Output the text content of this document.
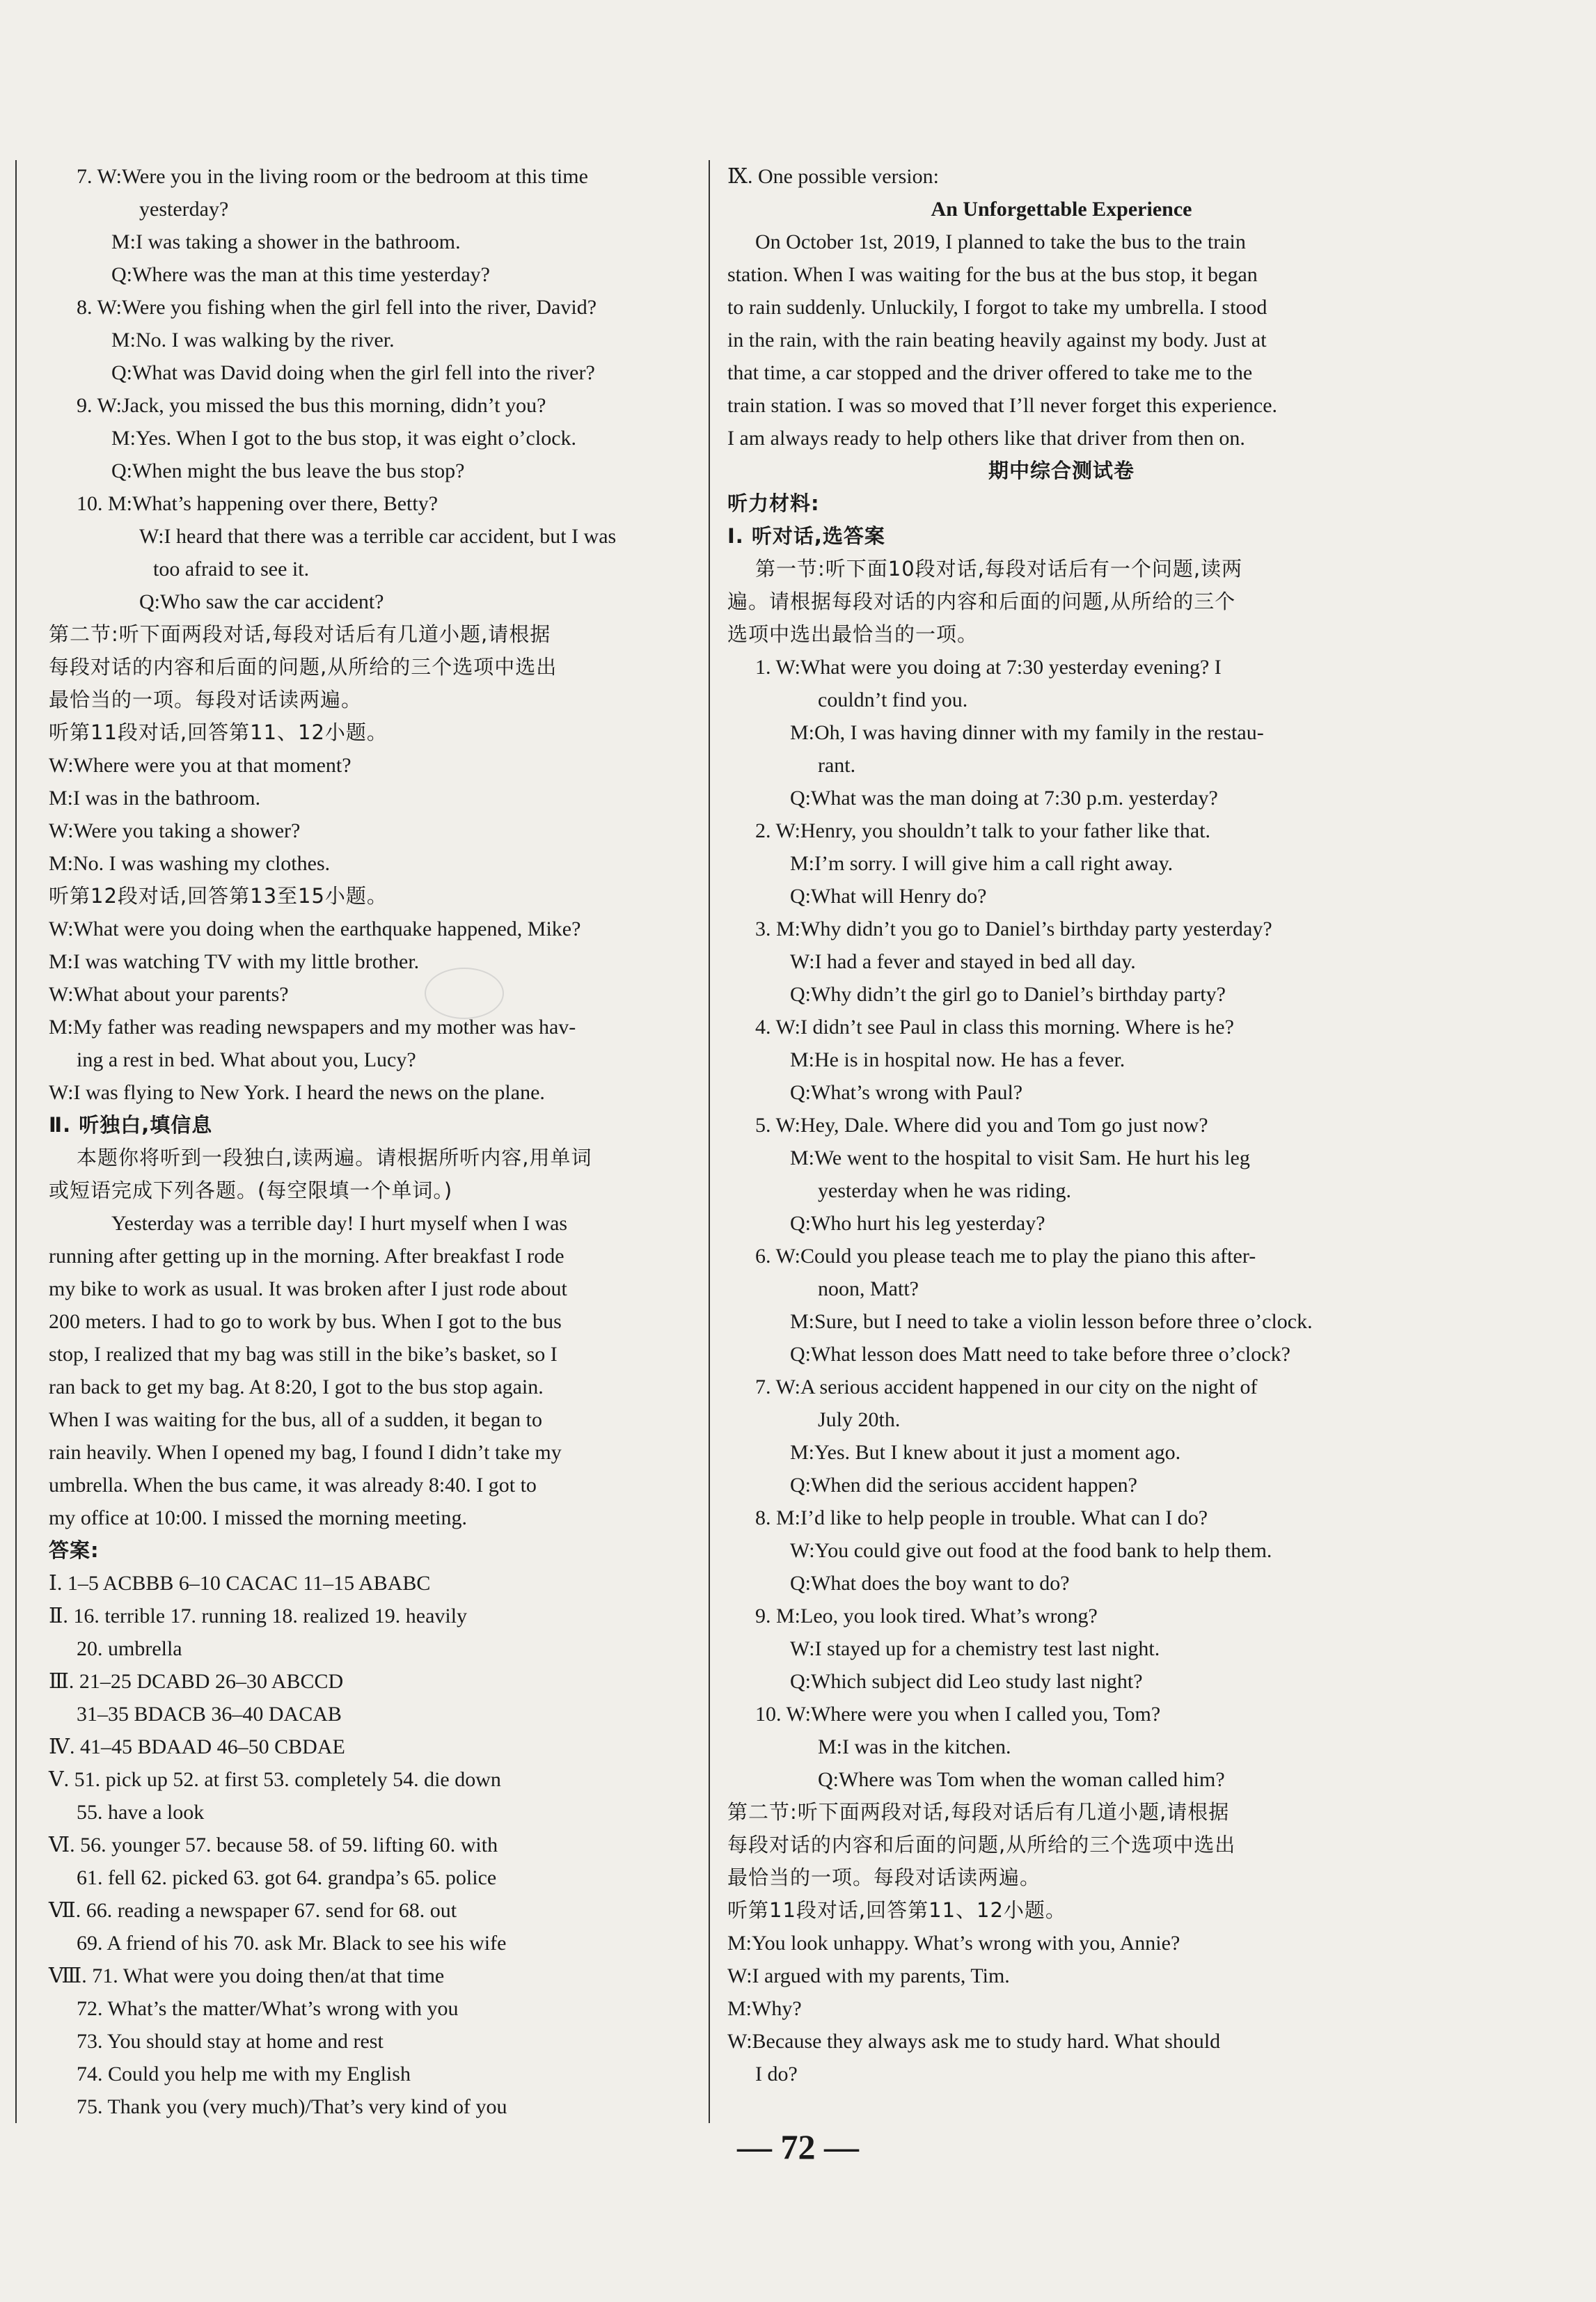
7. W:Were you in the living room or the bedroom at this time
yesterday?
M:I was taking a shower in the bathroom.
Q:Where was the man at this time yesterday?
8. W:Were you fishing when the girl fell into the river, David?
M:No. I was walking by the river.
Q:What was David doing when the girl fell into the river?
9. W:Jack, you missed the bus this morning, didn’t you?
M:Yes. When I got to the bus stop, it was eight o’clock.
Q:When might the bus leave the bus stop?
10. M:What’s happening over there, Betty?
W:I heard that there was a terrible car accident, but I was
too afraid to see it.
Q:Who saw the car accident?
第二节:听下面两段对话,每段对话后有几道小题,请根据
每段对话的内容和后面的问题,从所给的三个选项中选出
最恰当的一项。每段对话读两遍。
听第11段对话,回答第11、12小题。
W:Where were you at that moment?
M:I was in the bathroom.
W:Were you taking a shower?
M:No. I was washing my clothes.
听第12段对话,回答第13至15小题。
W:What were you doing when the earthquake happened, Mike?
M:I was watching TV with my little brother.
W:What about your parents?
M:My father was reading newspapers and my mother was hav-
ing a rest in bed. What about you, Lucy?
W:I was flying to New York. I heard the news on the plane.
Ⅱ. 听独白,填信息
本题你将听到一段独白,读两遍。请根据所听内容,用单词
或短语完成下列各题。(每空限填一个单词。)
Yesterday was a terrible day! I hurt myself when I was
running after getting up in the morning. After breakfast I rode
my bike to work as usual. It was broken after I just rode about
200 meters. I had to go to work by bus. When I got to the bus
stop, I realized that my bag was still in the bike’s basket, so I
ran back to get my bag. At 8:20, I got to the bus stop again.
When I was waiting for the bus, all of a sudden, it began to
rain heavily. When I opened my bag, I found I didn’t take my
umbrella. When the bus came, it was already 8:40. I got to
my office at 10:00. I missed the morning meeting.
答案:
Ⅰ. 1–5 ACBBB 6–10 CACAC 11–15 ABABC
Ⅱ. 16. terrible 17. running 18. realized 19. heavily
20. umbrella
Ⅲ. 21–25 DCABD 26–30 ABCCD
31–35 BDACB 36–40 DACAB
Ⅳ. 41–45 BDAAD 46–50 CBDAE
Ⅴ. 51. pick up 52. at first 53. completely 54. die down
55. have a look
Ⅵ. 56. younger 57. because 58. of 59. lifting 60. with
61. fell 62. picked 63. got 64. grandpa’s 65. police
Ⅶ. 66. reading a newspaper 67. send for 68. out
69. A friend of his 70. ask Mr. Black to see his wife
Ⅷ. 71. What were you doing then/at that time
72. What’s the matter/What’s wrong with you
73. You should stay at home and rest
74. Could you help me with my English
75. Thank you (very much)/That’s very kind of you
Ⅸ. One possible version:
An Unforgettable Experience
On October 1st, 2019, I planned to take the bus to the train
station. When I was waiting for the bus at the bus stop, it began
to rain suddenly. Unluckily, I forgot to take my umbrella. I stood
in the rain, with the rain beating heavily against my body. Just at
that time, a car stopped and the driver offered to take me to the
train station. I was so moved that I’ll never forget this experience.
I am always ready to help others like that driver from then on.
期中综合测试卷
听力材料:
Ⅰ. 听对话,选答案
第一节:听下面10段对话,每段对话后有一个问题,读两
遍。请根据每段对话的内容和后面的问题,从所给的三个
选项中选出最恰当的一项。
1. W:What were you doing at 7:30 yesterday evening? I
couldn’t find you.
M:Oh, I was having dinner with my family in the restau-
rant.
Q:What was the man doing at 7:30 p.m. yesterday?
2. W:Henry, you shouldn’t talk to your father like that.
M:I’m sorry. I will give him a call right away.
Q:What will Henry do?
3. M:Why didn’t you go to Daniel’s birthday party yesterday?
W:I had a fever and stayed in bed all day.
Q:Why didn’t the girl go to Daniel’s birthday party?
4. W:I didn’t see Paul in class this morning. Where is he?
M:He is in hospital now. He has a fever.
Q:What’s wrong with Paul?
5. W:Hey, Dale. Where did you and Tom go just now?
M:We went to the hospital to visit Sam. He hurt his leg
yesterday when he was riding.
Q:Who hurt his leg yesterday?
6. W:Could you please teach me to play the piano this after-
noon, Matt?
M:Sure, but I need to take a violin lesson before three o’clock.
Q:What lesson does Matt need to take before three o’clock?
7. W:A serious accident happened in our city on the night of
July 20th.
M:Yes. But I knew about it just a moment ago.
Q:When did the serious accident happen?
8. M:I’d like to help people in trouble. What can I do?
W:You could give out food at the food bank to help them.
Q:What does the boy want to do?
9. M:Leo, you look tired. What’s wrong?
W:I stayed up for a chemistry test last night.
Q:Which subject did Leo study last night?
10. W:Where were you when I called you, Tom?
M:I was in the kitchen.
Q:Where was Tom when the woman called him?
第二节:听下面两段对话,每段对话后有几道小题,请根据
每段对话的内容和后面的问题,从所给的三个选项中选出
最恰当的一项。每段对话读两遍。
听第11段对话,回答第11、12小题。
M:You look unhappy. What’s wrong with you, Annie?
W:I argued with my parents, Tim.
M:Why?
W:Because they always ask me to study hard. What should
I do?
— 72 —
